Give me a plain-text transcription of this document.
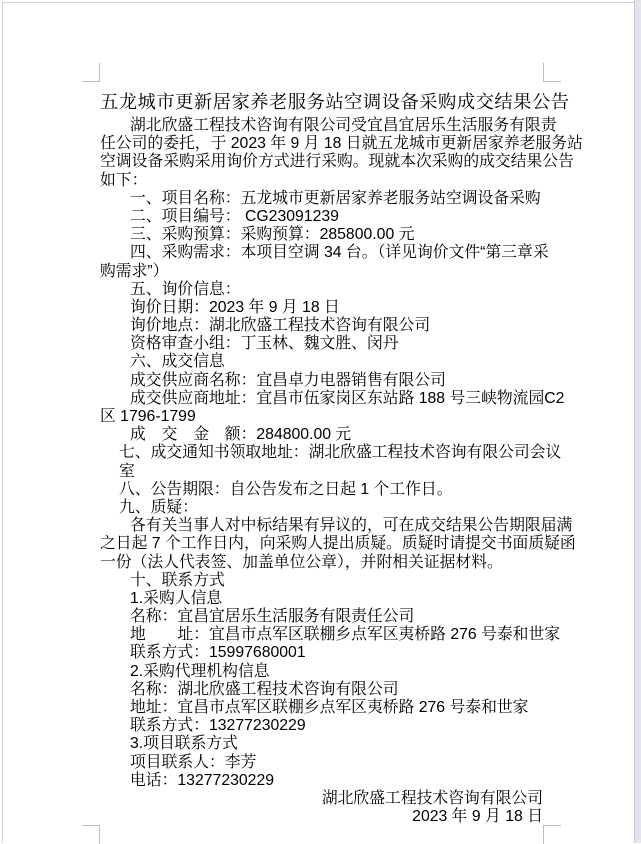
五龙城市更新居家养老服务站空调设备采购成交结果公告
湖北欣盛工程技术咨询有限公司受宜昌宜居乐生活服务有限责
任公司的委托，于 2023 年 9 月 18 日就五龙城市更新居家养老服务站
空调设备采购采用询价方式进行采购。现就本次采购的成交结果公告
如下：
一、项目名称：五龙城市更新居家养老服务站空调设备采购
二、项目编号： CG23091239
三、采购预算：采购预算：285800.00 元
四、采购需求：本项目空调 34 台。（详见询价文件“第三章采
购需求”）
五、询价信息：
询价日期：2023 年 9 月 18 日
询价地点：湖北欣盛工程技术咨询有限公司
资格审查小组：丁玉林、魏文胜、闵丹
六、成交信息
成交供应商名称：宜昌卓力电器销售有限公司
成交供应商地址：宜昌市伍家岗区东站路 188 号三峡物流园C2
区 1796-1799
成　交　金　额：284800.00 元
七、成交通知书领取地址：湖北欣盛工程技术咨询有限公司会议
室
八、公告期限：自公告发布之日起 1 个工作日。
九、质疑：
各有关当事人对中标结果有异议的，可在成交结果公告期限届满
之日起 7 个工作日内，向采购人提出质疑。质疑时请提交书面质疑函
一份（法人代表签、加盖单位公章），并附相关证据材料。
十、联系方式
1.采购人信息
名称：宜昌宜居乐生活服务有限责任公司
地　　址：宜昌市点军区联棚乡点军区夷桥路 276 号泰和世家
联系方式：15997680001
2.采购代理机构信息
名称：湖北欣盛工程技术咨询有限公司
地址：宜昌市点军区联棚乡点军区夷桥路 276 号泰和世家
联系方式：13277230229
3.项目联系方式
项目联系人：李芳
电话：13277230229
湖北欣盛工程技术咨询有限公司
2023 年 9 月 18 日
